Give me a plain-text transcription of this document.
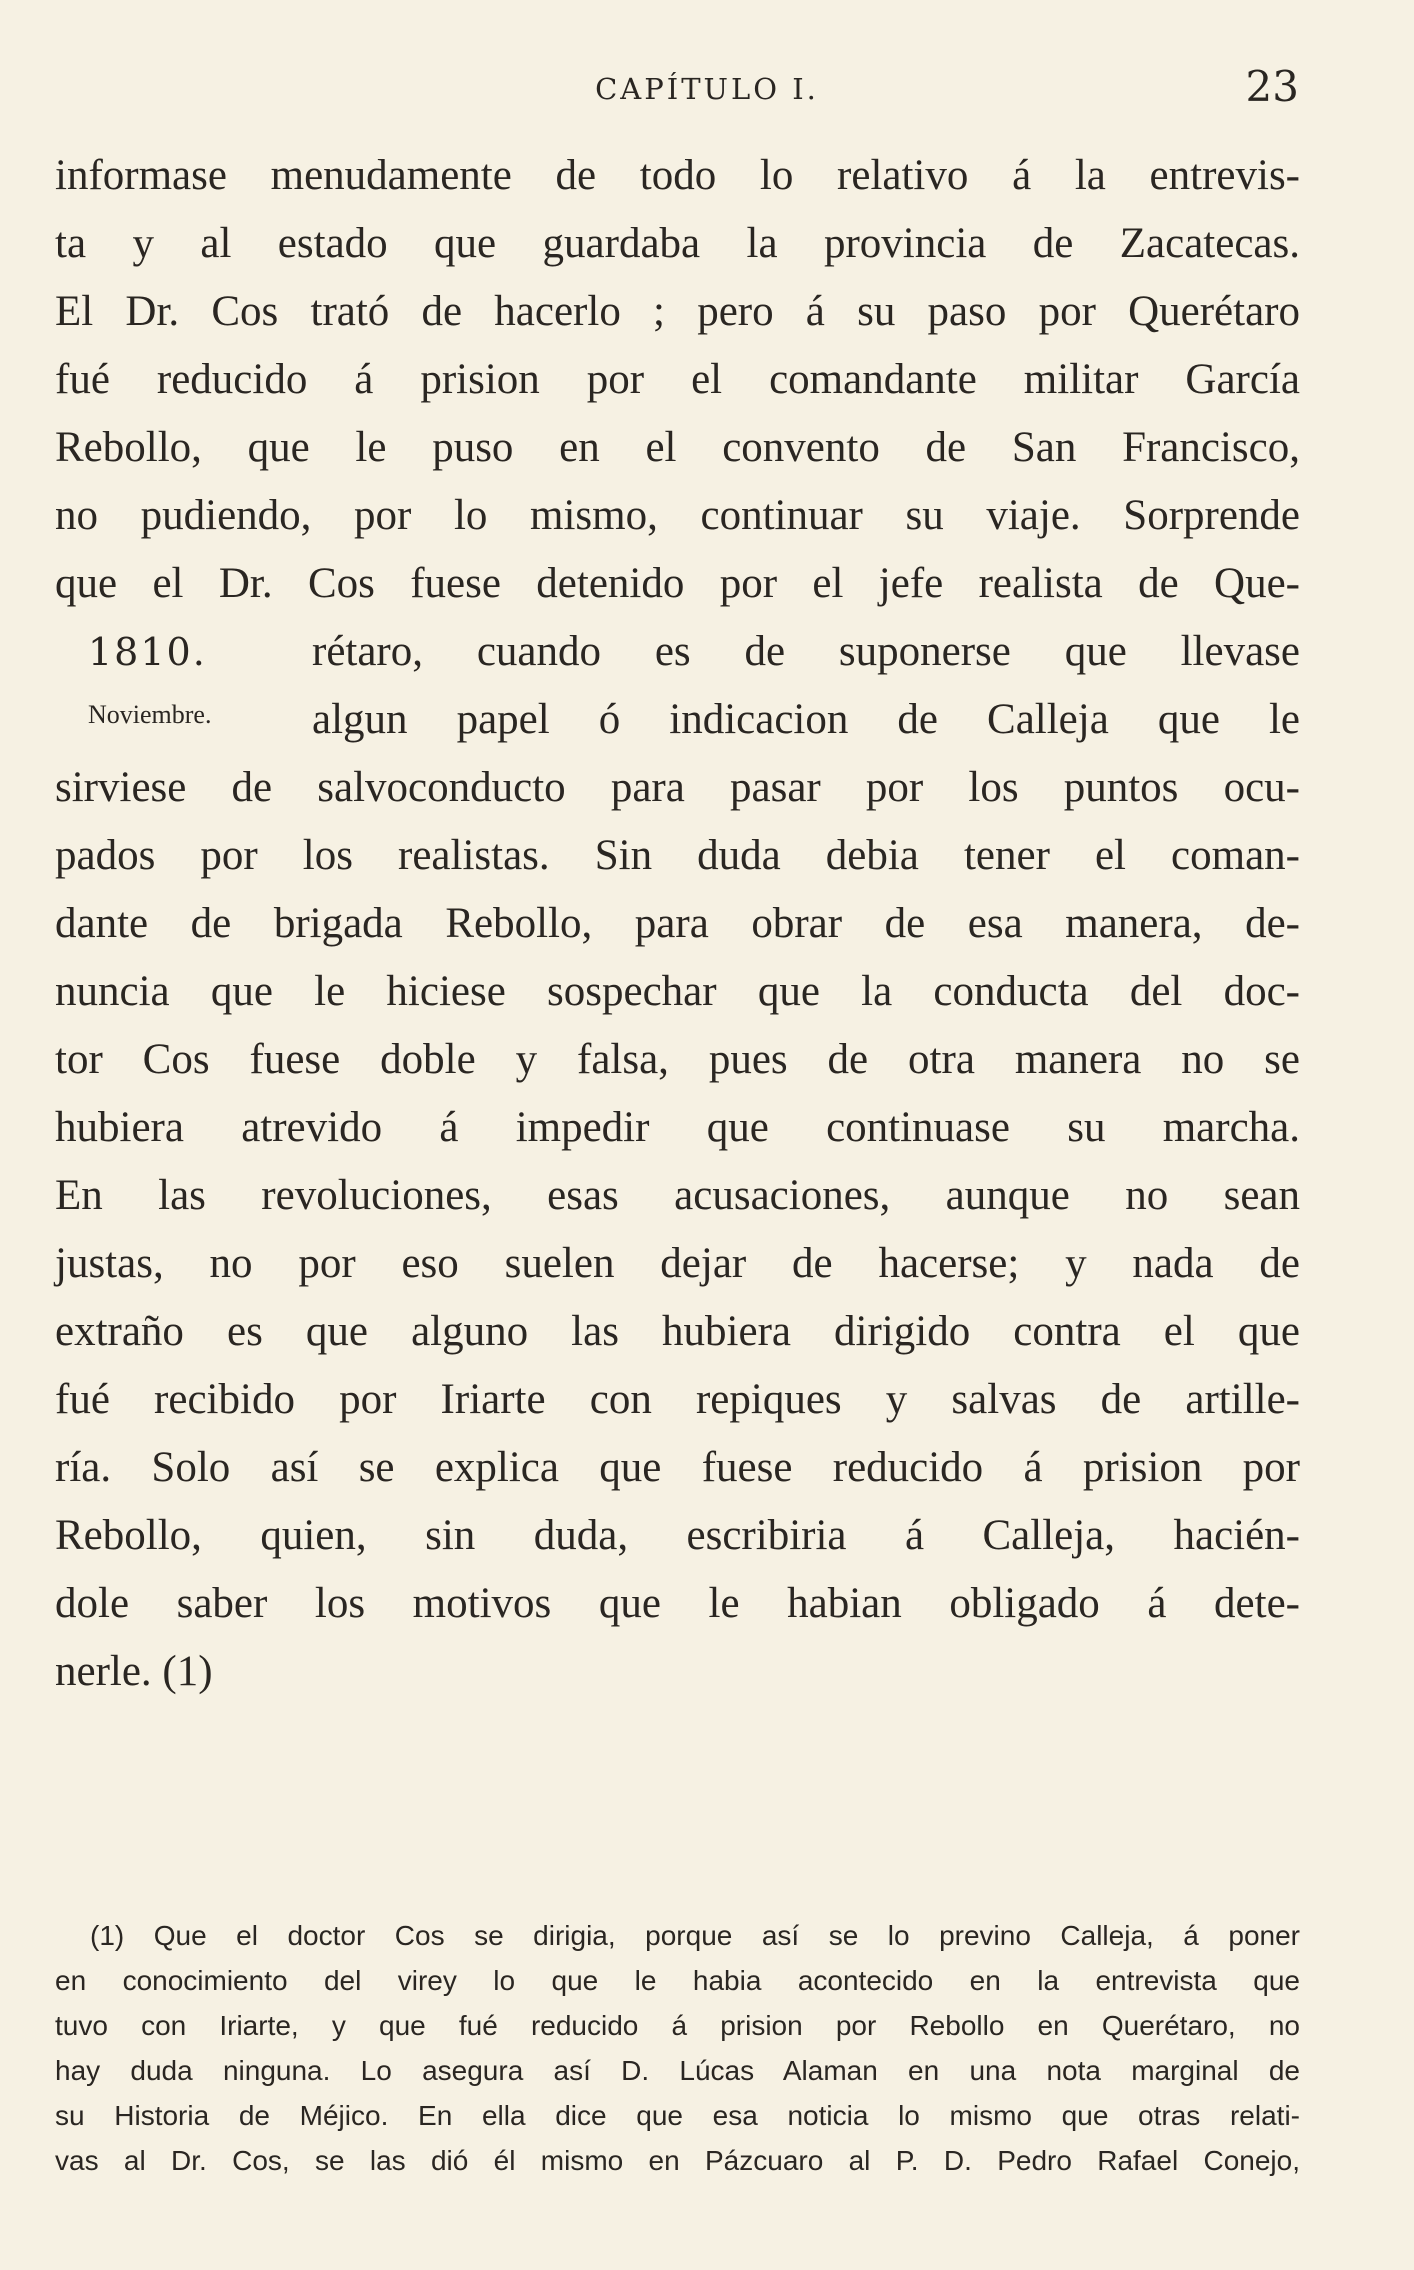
CAPÍTULO I.	23
1810.
Noviembre.
informase menudamente de todo lo relativo á la entrevis-
ta y al estado que guardaba la provincia de Zacatecas.
El Dr. Cos trató de hacerlo ; pero á su paso por Querétaro
fué reducido á prision por el comandante militar García
Rebollo, que le puso en el convento de San Francisco,
no pudiendo, por lo mismo, continuar su viaje. Sorprende
que el Dr. Cos fuese detenido por el jefe realista de Que-
rétaro, cuando es de suponerse que llevase
algun papel ó indicacion de Calleja que le
sirviese de salvoconducto para pasar por los puntos ocu-
pados por los realistas. Sin duda debia tener el coman-
dante de brigada Rebollo, para obrar de esa manera, de-
nuncia que le hiciese sospechar que la conducta del doc-
tor Cos fuese doble y falsa, pues de otra manera no se
hubiera atrevido á impedir que continuase su marcha.
En las revoluciones, esas acusaciones, aunque no sean
justas, no por eso suelen dejar de hacerse; y nada de
extraño es que alguno las hubiera dirigido contra el que
fué recibido por Iriarte con repiques y salvas de artille-
ría. Solo así se explica que fuese reducido á prision por
Rebollo, quien, sin duda, escribiria á Calleja, hacién-
dole saber los motivos que le habian obligado á dete-
nerle. (1)
(1) Que el doctor Cos se dirigia, porque así se lo previno Calleja, á poner
en conocimiento del virey lo que le habia acontecido en la entrevista que
tuvo con Iriarte, y que fué reducido á prision por Rebollo en Querétaro, no
hay duda ninguna. Lo asegura así D. Lúcas Alaman en una nota marginal de
su Historia de Méjico. En ella dice que esa noticia lo mismo que otras relati-
vas al Dr. Cos, se las dió él mismo en Pázcuaro al P. D. Pedro Rafael Conejo,
